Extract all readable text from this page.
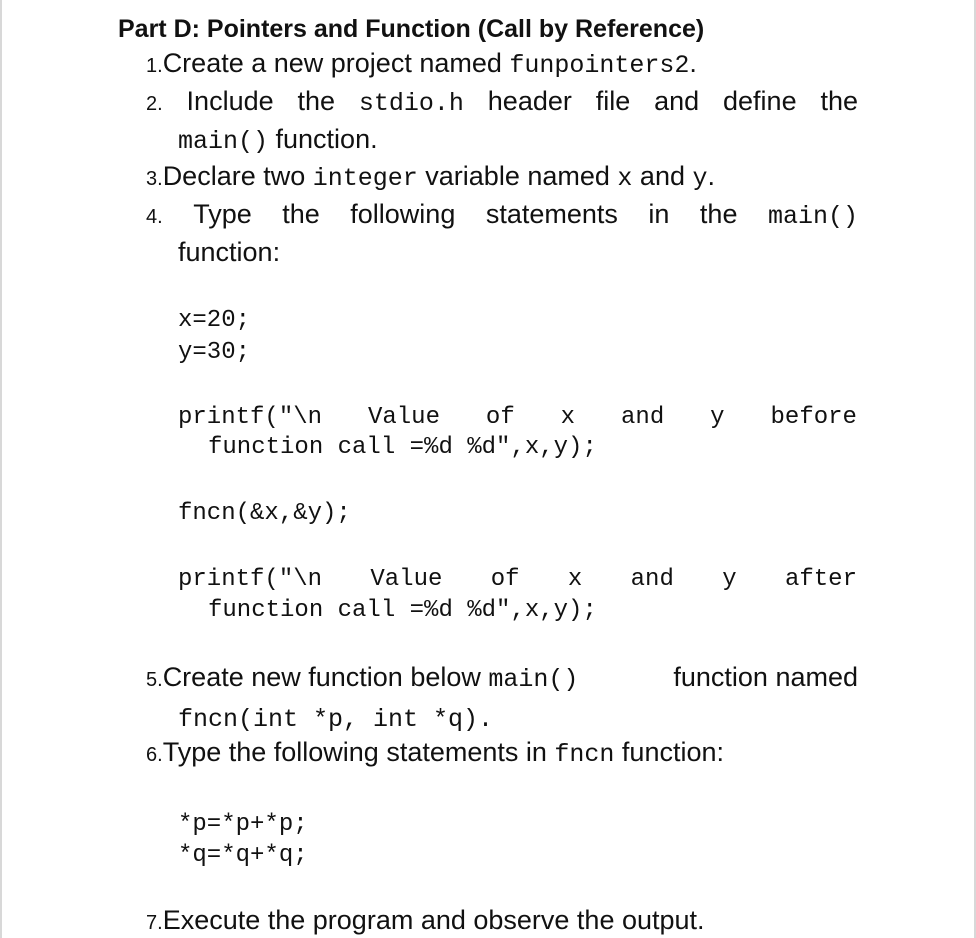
Part D: Pointers and Function (Call by Reference)
1.Create a new project named funpointers2.
2. Include the stdio.h header file and define the
main() function.
3.Declare two integer variable named x and y.
4. Type the following statements in the main()
function:
x=20;
y=30;
printf("\n Value of x and y before
function call =%d %d",x,y);
fncn(&x,&y);
printf("\n Value of x and y after
function call =%d %d",x,y);
5.Create new function below main()	function named
fncn(int *p, int *q).
6.Type the following statements in fncn function:
*p=*p+*p;
*q=*q+*q;
7.Execute the program and observe the output.
